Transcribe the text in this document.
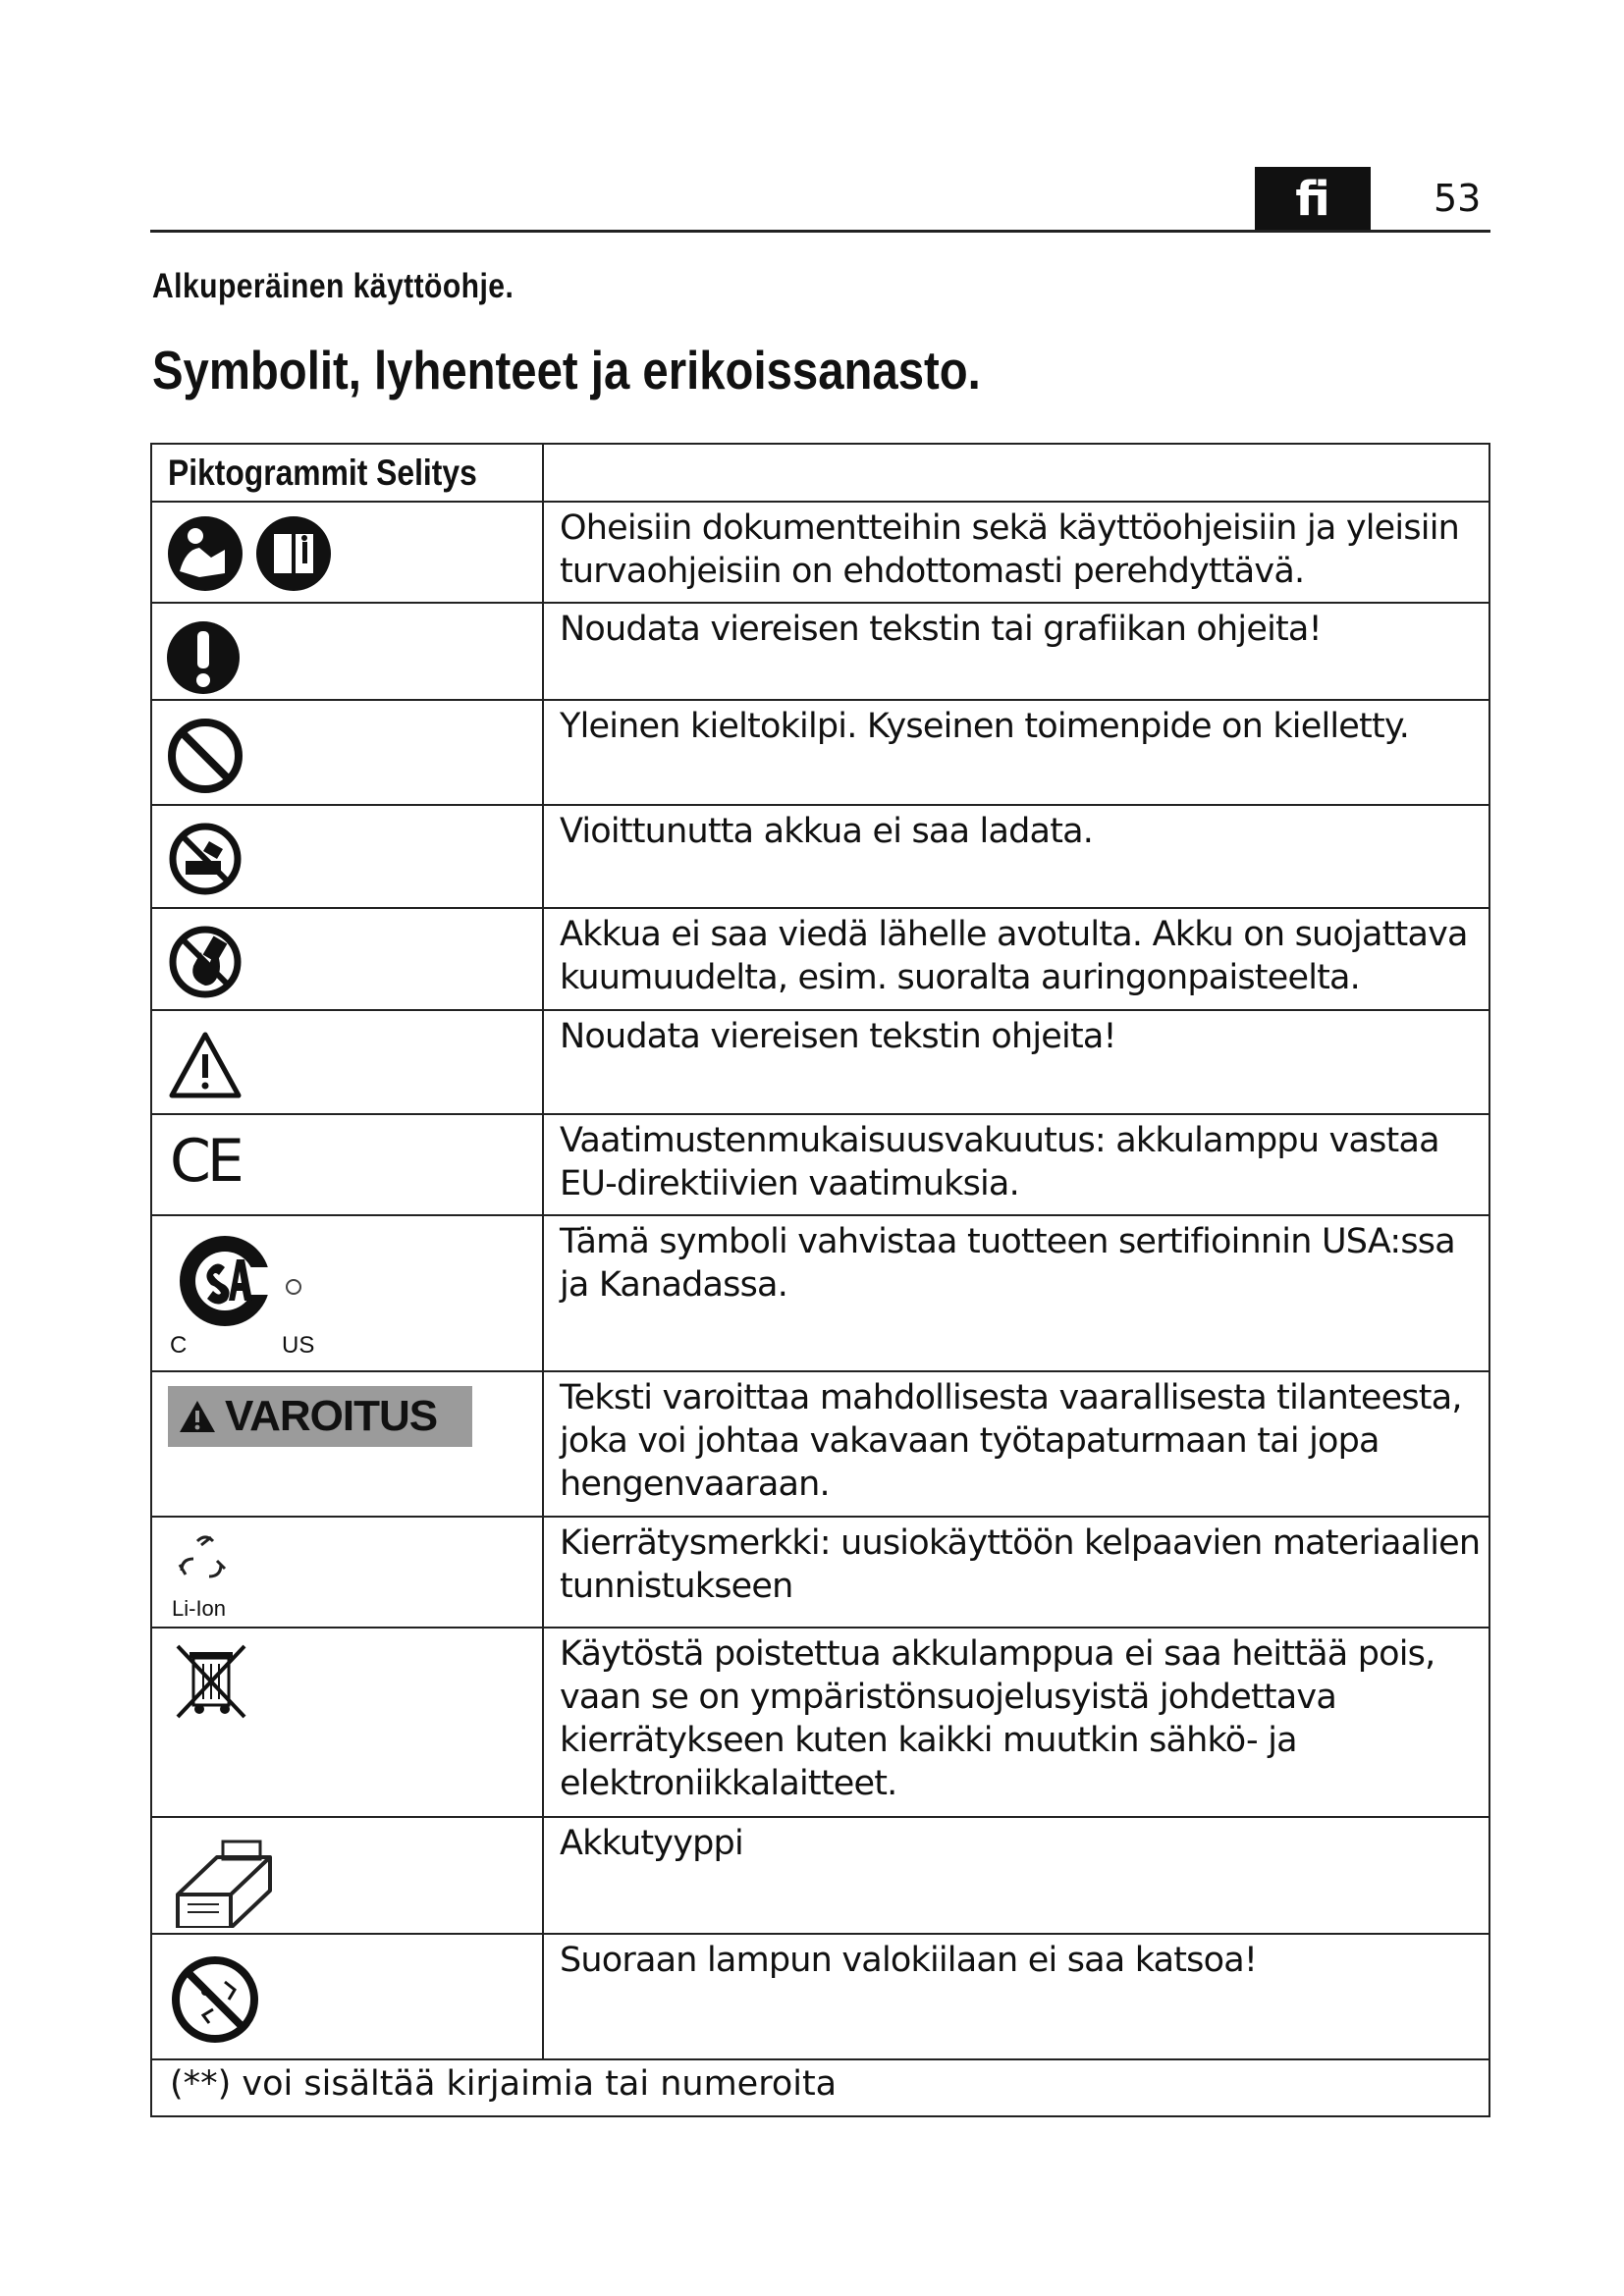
fi	53
Alkuperäinen käyttöohje.
Symbolit, lyhenteet ja erikoissanasto.
Piktogrammit Selitys	

	Oheisiin dokumentteihin sekä käyttöohjeisiin ja yleisiin turvaohjeisiin on ehdottomasti perehdyttävä.

	Noudata viereisen tekstin tai grafiikan ohjeita!

	Yleinen kieltokilpi. Kyseinen toimenpide on kielletty.

	Vioittunutta akkua ei saa ladata.

	Akkua ei saa viedä lähelle avotulta. Akku on suojattava kuumuudelta, esim. suoralta auringonpaisteelta.

	Noudata viereisen tekstin ohjeita!

CE	Vaatimustenmukaisuusvakuutus: akkulamppu vastaa EU-direktiivien vaatimuksia.

C US	Tämä symboli vahvistaa tuotteen sertifioinnin USA:ssa ja Kanadassa.

VAROITUS	Teksti varoittaa mahdollisesta vaarallisesta tilanteesta, joka voi johtaa vakavaan työtapaturmaan tai jopa hengenvaaraan.

Li-Ion	Kierrätysmerkki: uusiokäyttöön kelpaavien materiaalien tunnistukseen

	Käytöstä poistettua akkulamppua ei saa heittää pois, vaan se on ympäristönsuojelusyistä johdettava kierrätykseen kuten kaikki muutkin sähkö- ja elektroniikkalaitteet.

	Akkutyyppi

	Suoraan lampun valokiilaan ei saa katsoa!
(**) voi sisältää kirjaimia tai numeroita	
